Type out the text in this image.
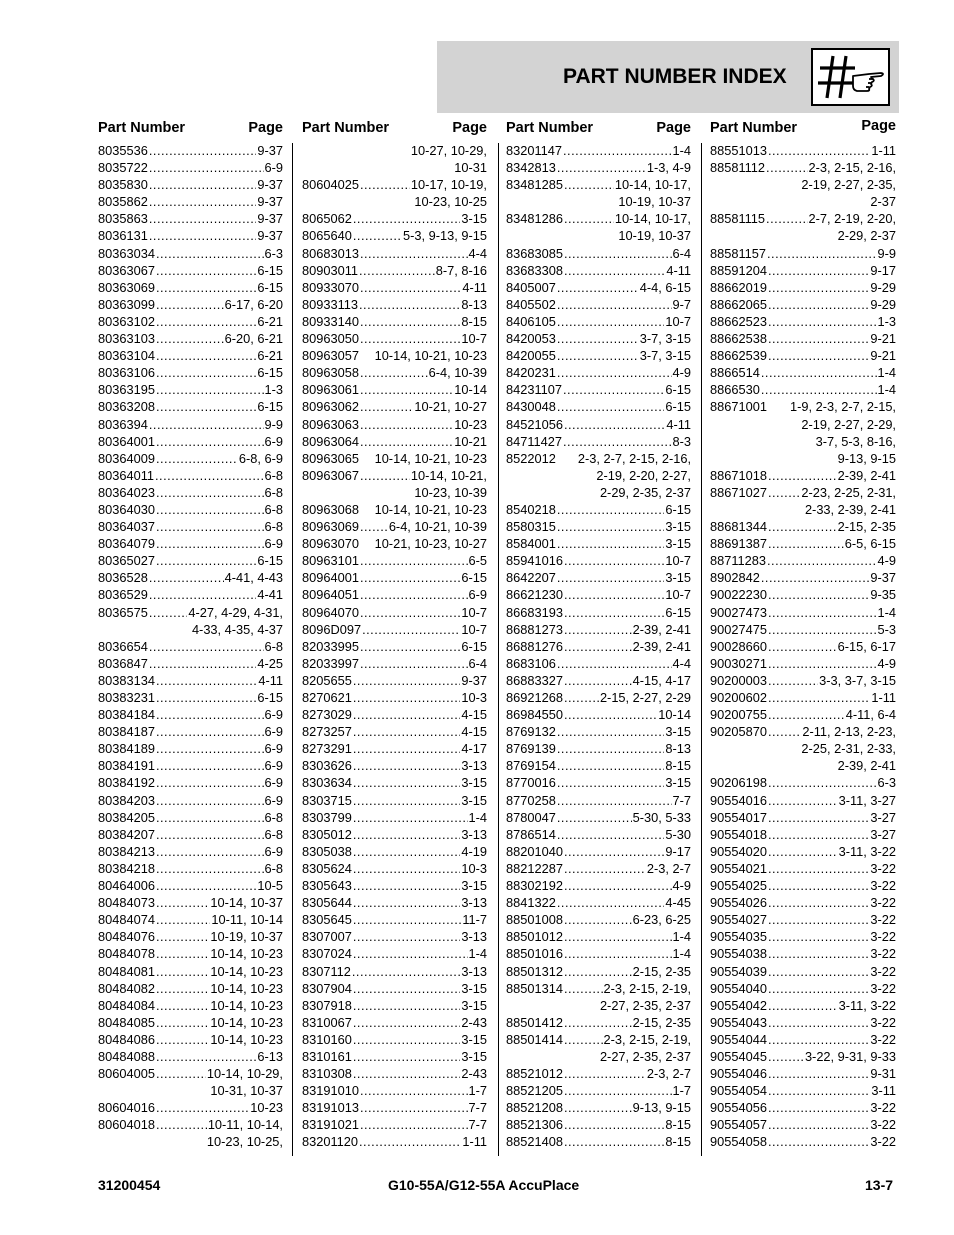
PART NUMBER INDEX
Part Number	Page
8035536 .....	9-37
8035722 .....	6-9
8035830 .....	9-37
8035862 .....	9-37
8035863 .....	9-37
8036131 .....	9-37
80363034 .....	6-3
80363067 .....	6-15
80363069 .....	6-15
80363099 .....	6-17, 6-20
80363102 .....	6-21
80363103 .....	6-20, 6-21
80363104 .....	6-21
80363106 .....	6-15
80363195 .....	1-3
80363208 .....	6-15
8036394 .....	9-9
80364001 .....	6-9
80364009 .....	6-8, 6-9
80364011 .....	6-8
80364023 .....	6-8
80364030 .....	6-8
80364037 .....	6-8
80364079 .....	6-9
80365027 .....	6-15
8036528 .....	4-41, 4-43
8036529 .....	4-41
8036575 .....	4-27, 4-29, 4-31,
4-33, 4-35, 4-37
8036654 .....	6-8
8036847 .....	4-25
80383134 .....	4-11
80383231 .....	6-15
80384184 .....	6-9
80384187 .....	6-9
80384189 .....	6-9
80384191 .....	6-9
80384192 .....	6-9
80384203 .....	6-9
80384205 .....	6-8
80384207 .....	6-8
80384213 .....	6-9
80384218 .....	6-8
80464006 .....	10-5
80484073 .....	10-14, 10-37
80484074 .....	10-11, 10-14
80484076 .....	10-19, 10-37
80484078 .....	10-14, 10-23
80484081 .....	10-14, 10-23
80484082 .....	10-14, 10-23
80484084 .....	10-14, 10-23
80484085 .....	10-14, 10-23
80484086 .....	10-14, 10-23
80484088 .....	6-13
80604005 .....	10-14, 10-29,
10-31, 10-37
80604016 .....	10-23
80604018 .....	10-11, 10-14,
10-23, 10-25,
Part Number	Page
10-27, 10-29,
10-31
80604025 .....	10-17, 10-19,
10-23, 10-25
8065062 .....	3-15
8065640 .....	5-3, 9-13, 9-15
80683013 .....	4-4
80903011 .....	8-7, 8-16
80933070 .....	4-11
80933113 .....	8-13
80933140 .....	8-15
80963050 .....	10-7
80963057 10-14, 10-21, 10-23
80963058 .....	6-4, 10-39
80963061 .....	10-14
80963062 .....	10-21, 10-27
80963063 .....	10-23
80963064 .....	10-21
80963065 10-14, 10-21, 10-23
80963067 .....	10-14, 10-21,
10-23, 10-39
80963068 10-14, 10-21, 10-23
80963069 ..... 6-4, 10-21, 10-39
80963070 10-21, 10-23, 10-27
80963101 .....	6-5
80964001 .....	6-15
80964051 .....	6-9
80964070 .....	10-7
8096D097 .....	10-7
82033995 .....	6-15
82033997 .....	6-4
8205655 .....	9-37
8270621 .....	10-3
8273029 .....	4-15
8273257 .....	4-15
8273291 .....	4-17
8303626 .....	3-13
8303634 .....	3-15
8303715 .....	3-15
8303799 .....	1-4
8305012 .....	3-13
8305038 .....	4-19
8305624 .....	10-3
8305643 .....	3-15
8305644 .....	3-13
8305645 .....	11-7
8307007 .....	3-13
8307024 .....	1-4
8307112 .....	3-13
8307904 .....	3-15
8307918 .....	3-15
8310067 .....	2-43
8310160 .....	3-15
8310161 .....	3-15
8310308 .....	2-43
83191010 .....	1-7
83191013 .....	7-7
83191021 .....	7-7
83201120 .....	1-11
Part Number	Page
83201147 .....	1-4
8342813 .....	1-3, 4-9
83481285 .....	10-14, 10-17,
10-19, 10-37
83481286 .....	10-14, 10-17,
10-19, 10-37
83683085 .....	6-4
83683308 .....	4-11
8405007 .....	4-4, 6-15
8405502 .....	9-7
8406105 .....	10-7
8420053 .....	3-7, 3-15
8420055 .....	3-7, 3-15
8420231 .....	4-9
84231107 .....	6-15
8430048 .....	6-15
84521056 .....	4-11
84711427 .....	8-3
8522012 2-3, 2-7, 2-15, 2-16,
2-19, 2-20, 2-27,
2-29, 2-35, 2-37
8540218 .....	6-15
8580315 .....	3-15
8584001 .....	3-15
85941016 .....	10-7
8642207 .....	3-15
86621230 .....	10-7
86683193 .....	6-15
86881273 .....	2-39, 2-41
86881276 .....	2-39, 2-41
8683106 .....	4-4
86883327 .....	4-15, 4-17
86921268 .....	2-15, 2-27, 2-29
86984550 .....	10-14
8769132 .....	3-15
8769139 .....	8-13
8769154 .....	8-15
8770016 .....	3-15
8770258 .....	7-7
8780047 .....	5-30, 5-33
8786514 .....	5-30
88201040 .....	9-17
88212287 .....	2-3, 2-7
88302192 .....	4-9
8841322 .....	4-45
88501008 .....	6-23, 6-25
88501012 .....	1-4
88501016 .....	1-4
88501312 .....	2-15, 2-35
88501314 .....	2-3, 2-15, 2-19,
2-27, 2-35, 2-37
88501412 .....	2-15, 2-35
88501414 .....	2-3, 2-15, 2-19,
2-27, 2-35, 2-37
88521012 .....	2-3, 2-7
88521205 .....	1-7
88521208 .....	9-13, 9-15
88521306 .....	8-15
88521408 .....	8-15
Part Number	Page
88551013 .....	1-11
88581112 .....	2-3, 2-15, 2-16,
2-19, 2-27, 2-35,
2-37
88581115 .....	2-7, 2-19, 2-20,
2-29, 2-37
88581157 .....	9-9
88591204 .....	9-17
88662019 .....	9-29
88662065 .....	9-29
88662523 .....	1-3
88662538 .....	9-21
88662539 .....	9-21
8866514 .....	1-4
8866530 .....	1-4
88671001 1-9, 2-3, 2-7, 2-15,
2-19, 2-27, 2-29,
3-7, 5-3, 8-16,
9-13, 9-15
88671018 .....	2-39, 2-41
88671027 .....	2-23, 2-25, 2-31,
2-33, 2-39, 2-41
88681344 .....	2-15, 2-35
88691387 .....	6-5, 6-15
88711283 .....	4-9
8902842 .....	9-37
90022230 .....	9-35
90027473 .....	1-4
90027475 .....	5-3
90028660 .....	6-15, 6-17
90030271 .....	4-9
90200003 .....	3-3, 3-7, 3-15
90200602 .....	1-11
90200755 .....	4-11, 6-4
90205870 .....	2-11, 2-13, 2-23,
2-25, 2-31, 2-33,
2-39, 2-41
90206198 .....	6-3
90554016 .....	3-11, 3-27
90554017 .....	3-27
90554018 .....	3-27
90554020 .....	3-11, 3-22
90554021 .....	3-22
90554025 .....	3-22
90554026 .....	3-22
90554027 .....	3-22
90554035 .....	3-22
90554038 .....	3-22
90554039 .....	3-22
90554040 .....	3-22
90554042 .....	3-11, 3-22
90554043 .....	3-22
90554044 .....	3-22
90554045 .....	3-22, 9-31, 9-33
90554046 .....	9-31
90554054 .....	3-11
90554056 .....	3-22
90554057 .....	3-22
90554058 .....	3-22
31200454	G10-55A/G12-55A AccuPlace	13-7
